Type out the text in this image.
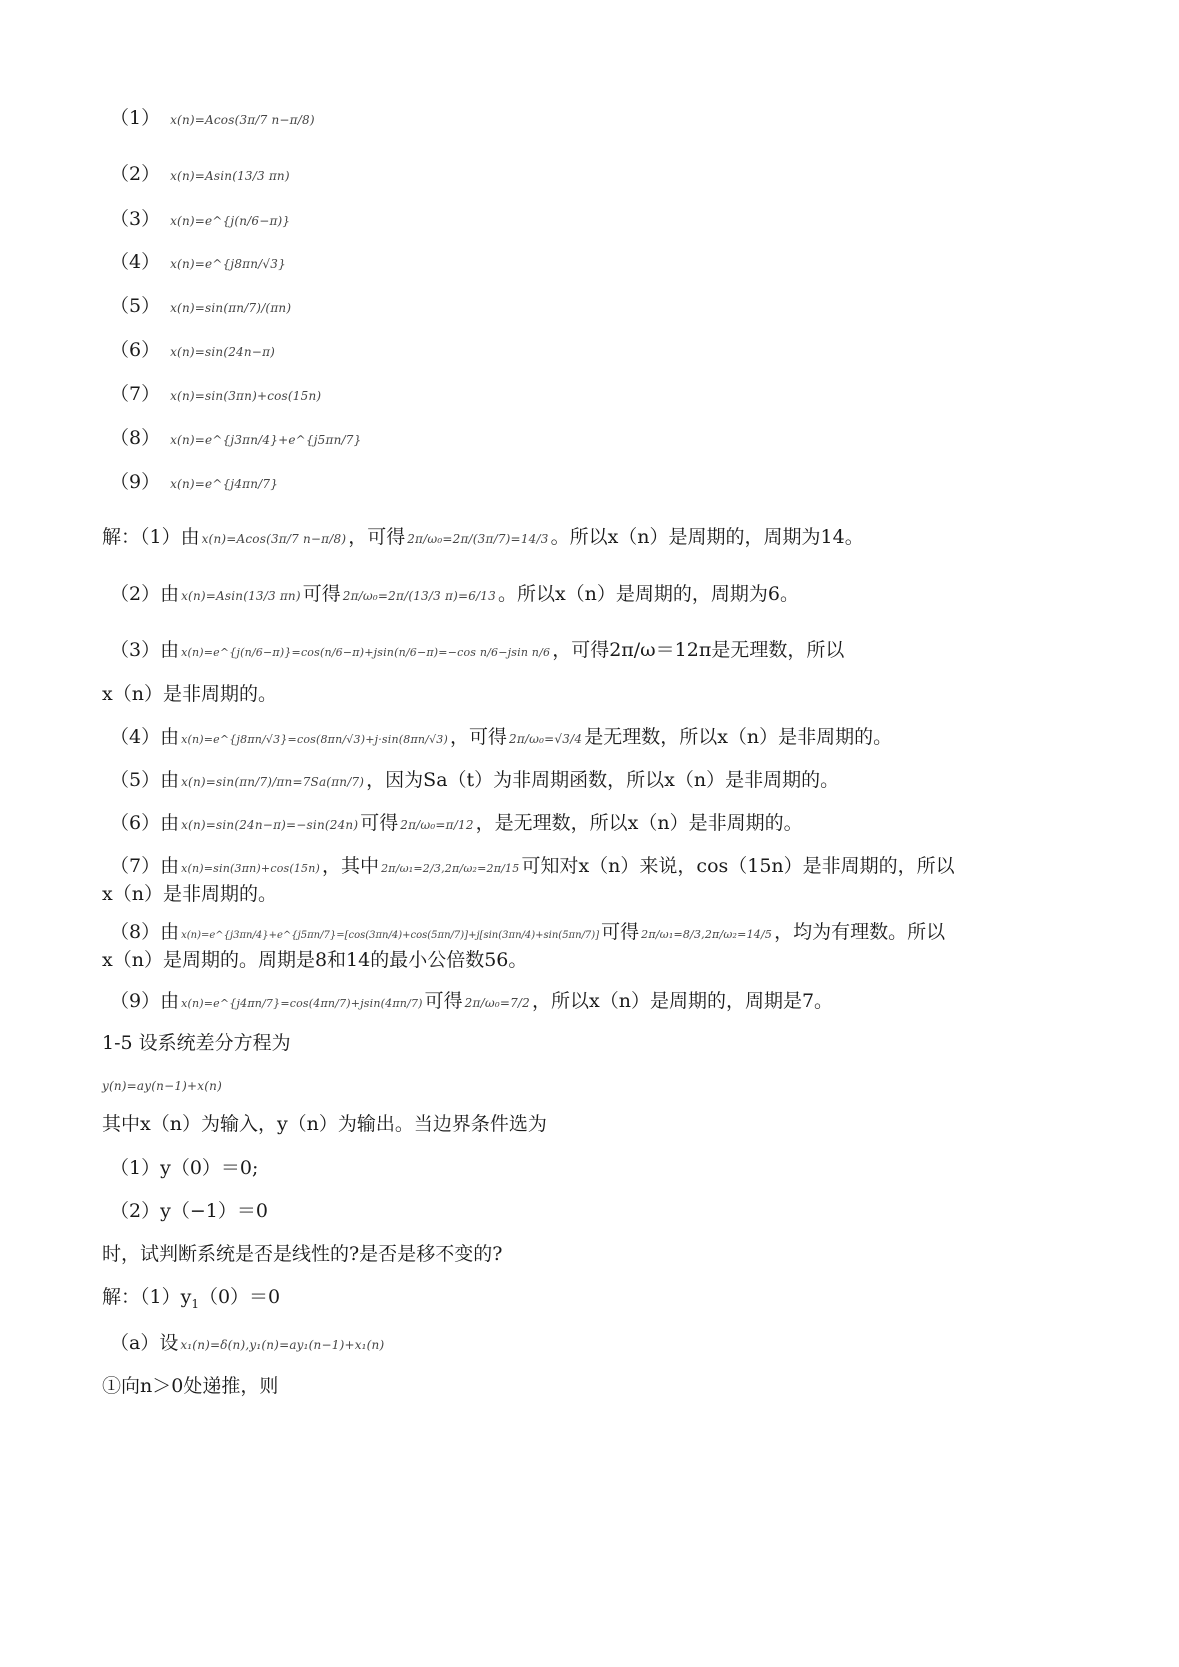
（1） x(n)=Acos(3π/7 n−π/8)
（2） x(n)=Asin(13/3 πn)
（3） x(n)=e^{j(n/6−π)}
（4） x(n)=e^{j8πn/√3}
（5） x(n)=sin(πn/7)/(πn)
（6） x(n)=sin(24n−π)
（7） x(n)=sin(3πn)+cos(15n)
（8） x(n)=e^{j3πn/4}+e^{j5πn/7}
（9） x(n)=e^{j4πn/7}
解：（1）由 x(n)=Acos(3π/7 n−π/8) ，可得 2π/ω₀=2π/(3π/7)=14/3 。所以x（n）是周期的，周期为14。
（2）由 x(n)=Asin(13/3 πn) 可得 2π/ω₀=2π/(13/3 π)=6/13 。所以x（n）是周期的，周期为6。
（3）由 x(n)=e^{j(n/6−π)}=cos(n/6−π)+jsin(n/6−π)=−cos n/6−jsin n/6 ，可得2π/ω＝12π是无理数，所以
x（n）是非周期的。
（4）由 x(n)=e^{j8πn/√3}=cos(8πn/√3)+j·sin(8πn/√3) ，可得 2π/ω₀=√3/4 是无理数，所以x（n）是非周期的。
（5）由 x(n)=sin(πn/7)/πn=7Sa(πn/7) ，因为Sa（t）为非周期函数，所以x（n）是非周期的。
（6）由 x(n)=sin(24n−π)=−sin(24n) 可得 2π/ω₀=π/12 ，是无理数，所以x（n）是非周期的。
（7）由 x(n)=sin(3πn)+cos(15n) ，其中 2π/ω₁=2/3,2π/ω₂=2π/15 可知对x（n）来说，cos（15n）是非周期的，所以
x（n）是非周期的。
（8）由 x(n)=e^{j3πn/4}+e^{j5πn/7}=[cos(3πn/4)+cos(5πn/7)]+j[sin(3πn/4)+sin(5πn/7)] 可得 2π/ω₁=8/3,2π/ω₂=14/5 ，均为有理数。所以
x（n）是周期的。周期是8和14的最小公倍数56。
（9）由 x(n)=e^{j4πn/7}=cos(4πn/7)+jsin(4πn/7) 可得 2π/ω₀=7/2 ，所以x（n）是周期的，周期是7。
1-5 设系统差分方程为
y(n)=ay(n−1)+x(n)
其中x（n）为输入，y（n）为输出。当边界条件选为
（1）y（0）＝0;
（2）y（−1）＝0
时，试判断系统是否是线性的?是否是移不变的?
解：$(1)y_1(0)=0$
（a）设 x₁(n)=δ(n),y₁(n)=ay₁(n−1)+x₁(n)
①向n＞0处递推，则
